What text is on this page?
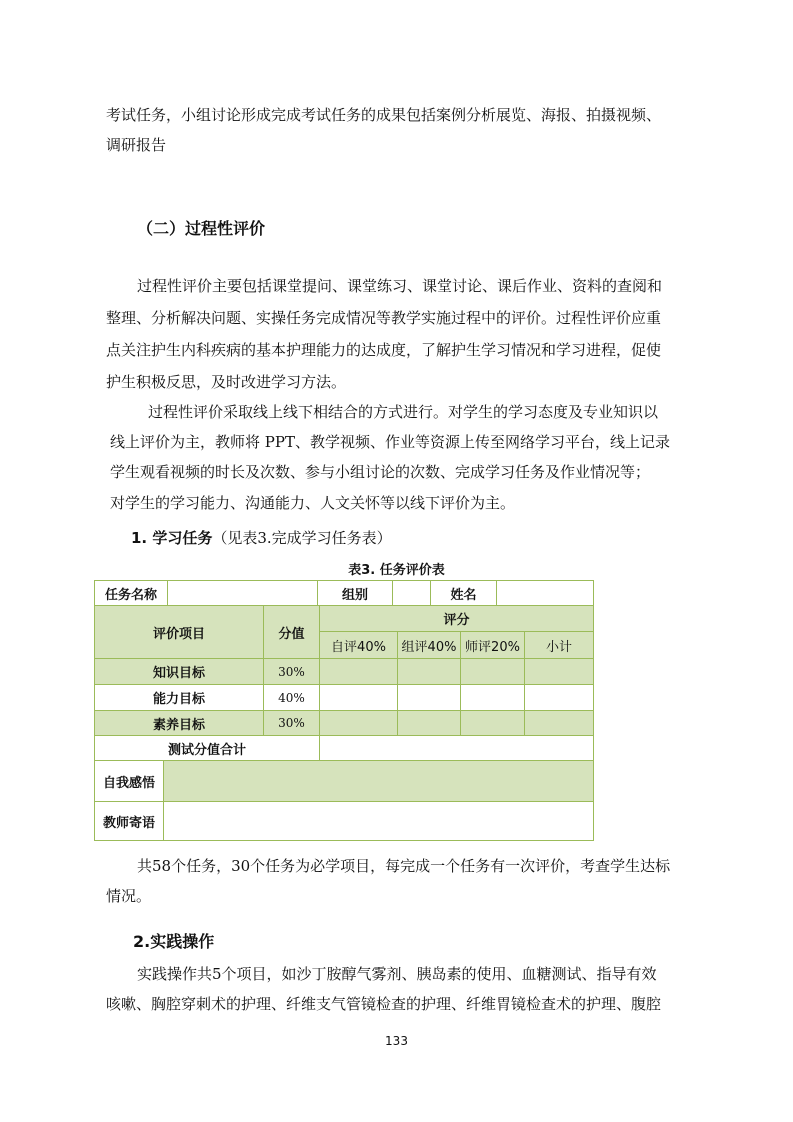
考试任务，小组讨论形成完成考试任务的成果包括案例分析展览、海报、拍摄视频、
调研报告
（二）过程性评价
过程性评价主要包括课堂提问、课堂练习、课堂讨论、课后作业、资料的查阅和
整理、分析解决问题、实操任务完成情况等教学实施过程中的评价。过程性评价应重
点关注护生内科疾病的基本护理能力的达成度，了解护生学习情况和学习进程，促使
护生积极反思，及时改进学习方法。
过程性评价采取线上线下相结合的方式进行。对学生的学习态度及专业知识以
线上评价为主，教师将 PPT、教学视频、作业等资源上传至网络学习平台，线上记录
学生观看视频的时长及次数、参与小组讨论的次数、完成学习任务及作业情况等；
对学生的学习能力、沟通能力、人文关怀等以线下评价为主。
1. 学习任务（见表3.完成学习任务表）
表3. 任务评价表
任务名称	组别	姓名
评价项目	分值
评分
自评40%	组评40% 师评20%	小计
知识目标	30%
能力目标	40%
素养目标	30%
测试分值合计
自我感悟
教师寄语
共58个任务，30个任务为必学项目，每完成一个任务有一次评价，考查学生达标
情况。
2.实践操作
实践操作共5个项目，如沙丁胺醇气雾剂、胰岛素的使用、血糖测试、指导有效
咳嗽、胸腔穿刺术的护理、纤维支气管镜检查的护理、纤维胃镜检查术的护理、腹腔
133
